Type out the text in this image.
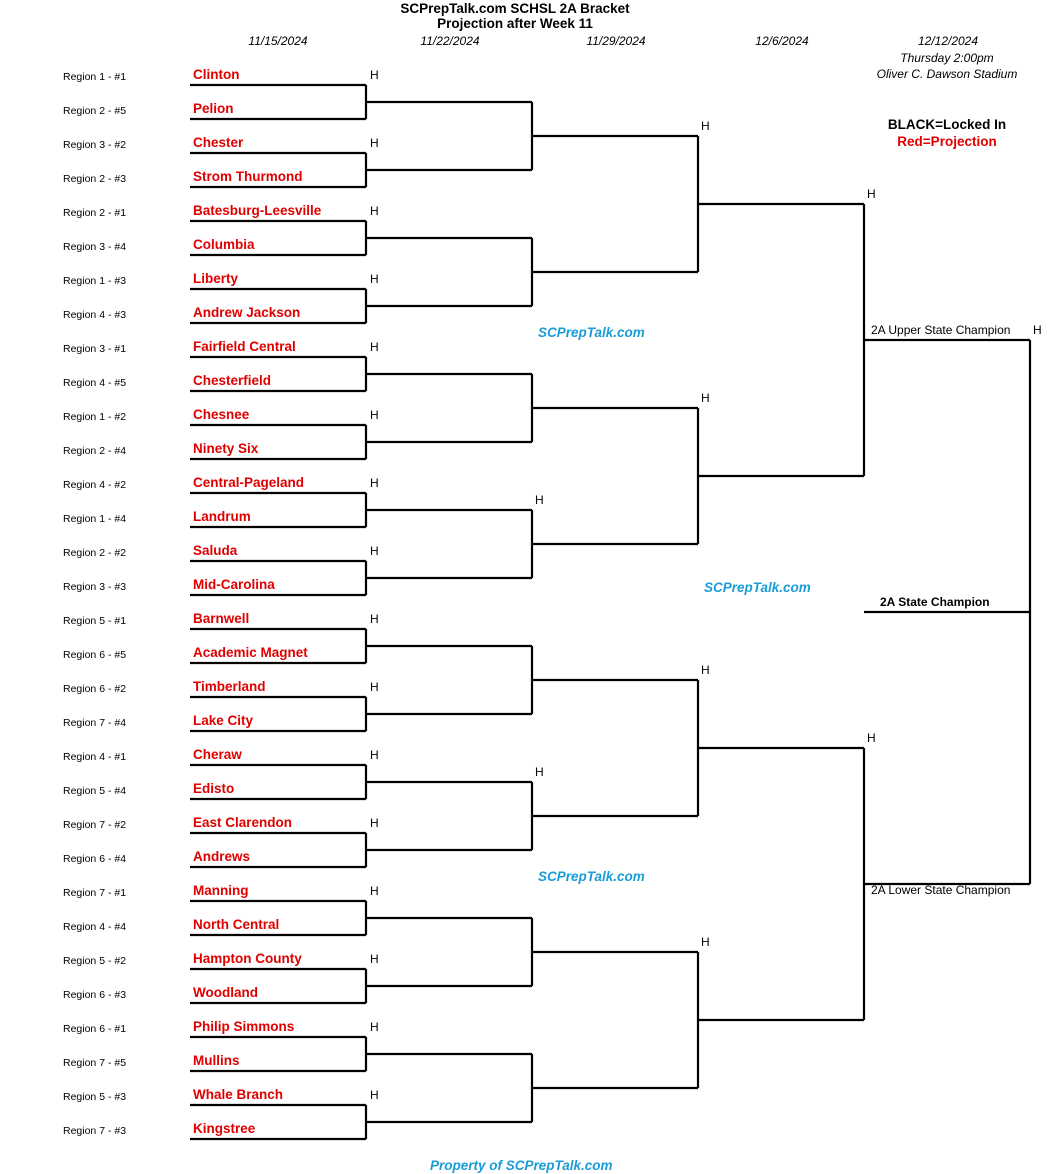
SCPrepTalk.com SCHSL 2A Bracket
Projection after Week 11
11/15/2024	11/22/2024	11/29/2024	12/6/2024	12/12/2024
Thursday 2:00pm
Oliver C. Dawson Stadium
BLACK=Locked In
Red=Projection
SCPrepTalk.com
SCPrepTalk.com
SCPrepTalk.com
Property of SCPrepTalk.com
2A Upper State Champion
2A State Champion
2A Lower State Champion
Region 1 - #1	Clinton
Region 2 - #5	Pelion
Region 3 - #2	Chester
Region 2 - #3	Strom Thurmond
Region 2 - #1	Batesburg-Leesville
Region 3 - #4	Columbia
Region 1 - #3	Liberty
Region 4 - #3	Andrew Jackson
Region 3 - #1	Fairfield Central
Region 4 - #5	Chesterfield
Region 1 - #2	Chesnee
Region 2 - #4	Ninety Six
Region 4 - #2	Central-Pageland
Region 1 - #4	Landrum
Region 2 - #2	Saluda
Region 3 - #3	Mid-Carolina
Region 5 - #1	Barnwell
Region 6 - #5	Academic Magnet
Region 6 - #2	Timberland
Region 7 - #4	Lake City
Region 4 - #1	Cheraw
Region 5 - #4	Edisto
Region 7 - #2	East Clarendon
Region 6 - #4	Andrews
Region 7 - #1	Manning
Region 4 - #4	North Central
Region 5 - #2	Hampton County
Region 6 - #3	Woodland
Region 6 - #1	Philip Simmons
Region 7 - #5	Mullins
Region 5 - #3	Whale Branch
Region 7 - #3	Kingstree
H
H
H
H
H
H
H
H
H
H
H
H
H
H
H
H
H
H
H
H
H
H
H
H
H
